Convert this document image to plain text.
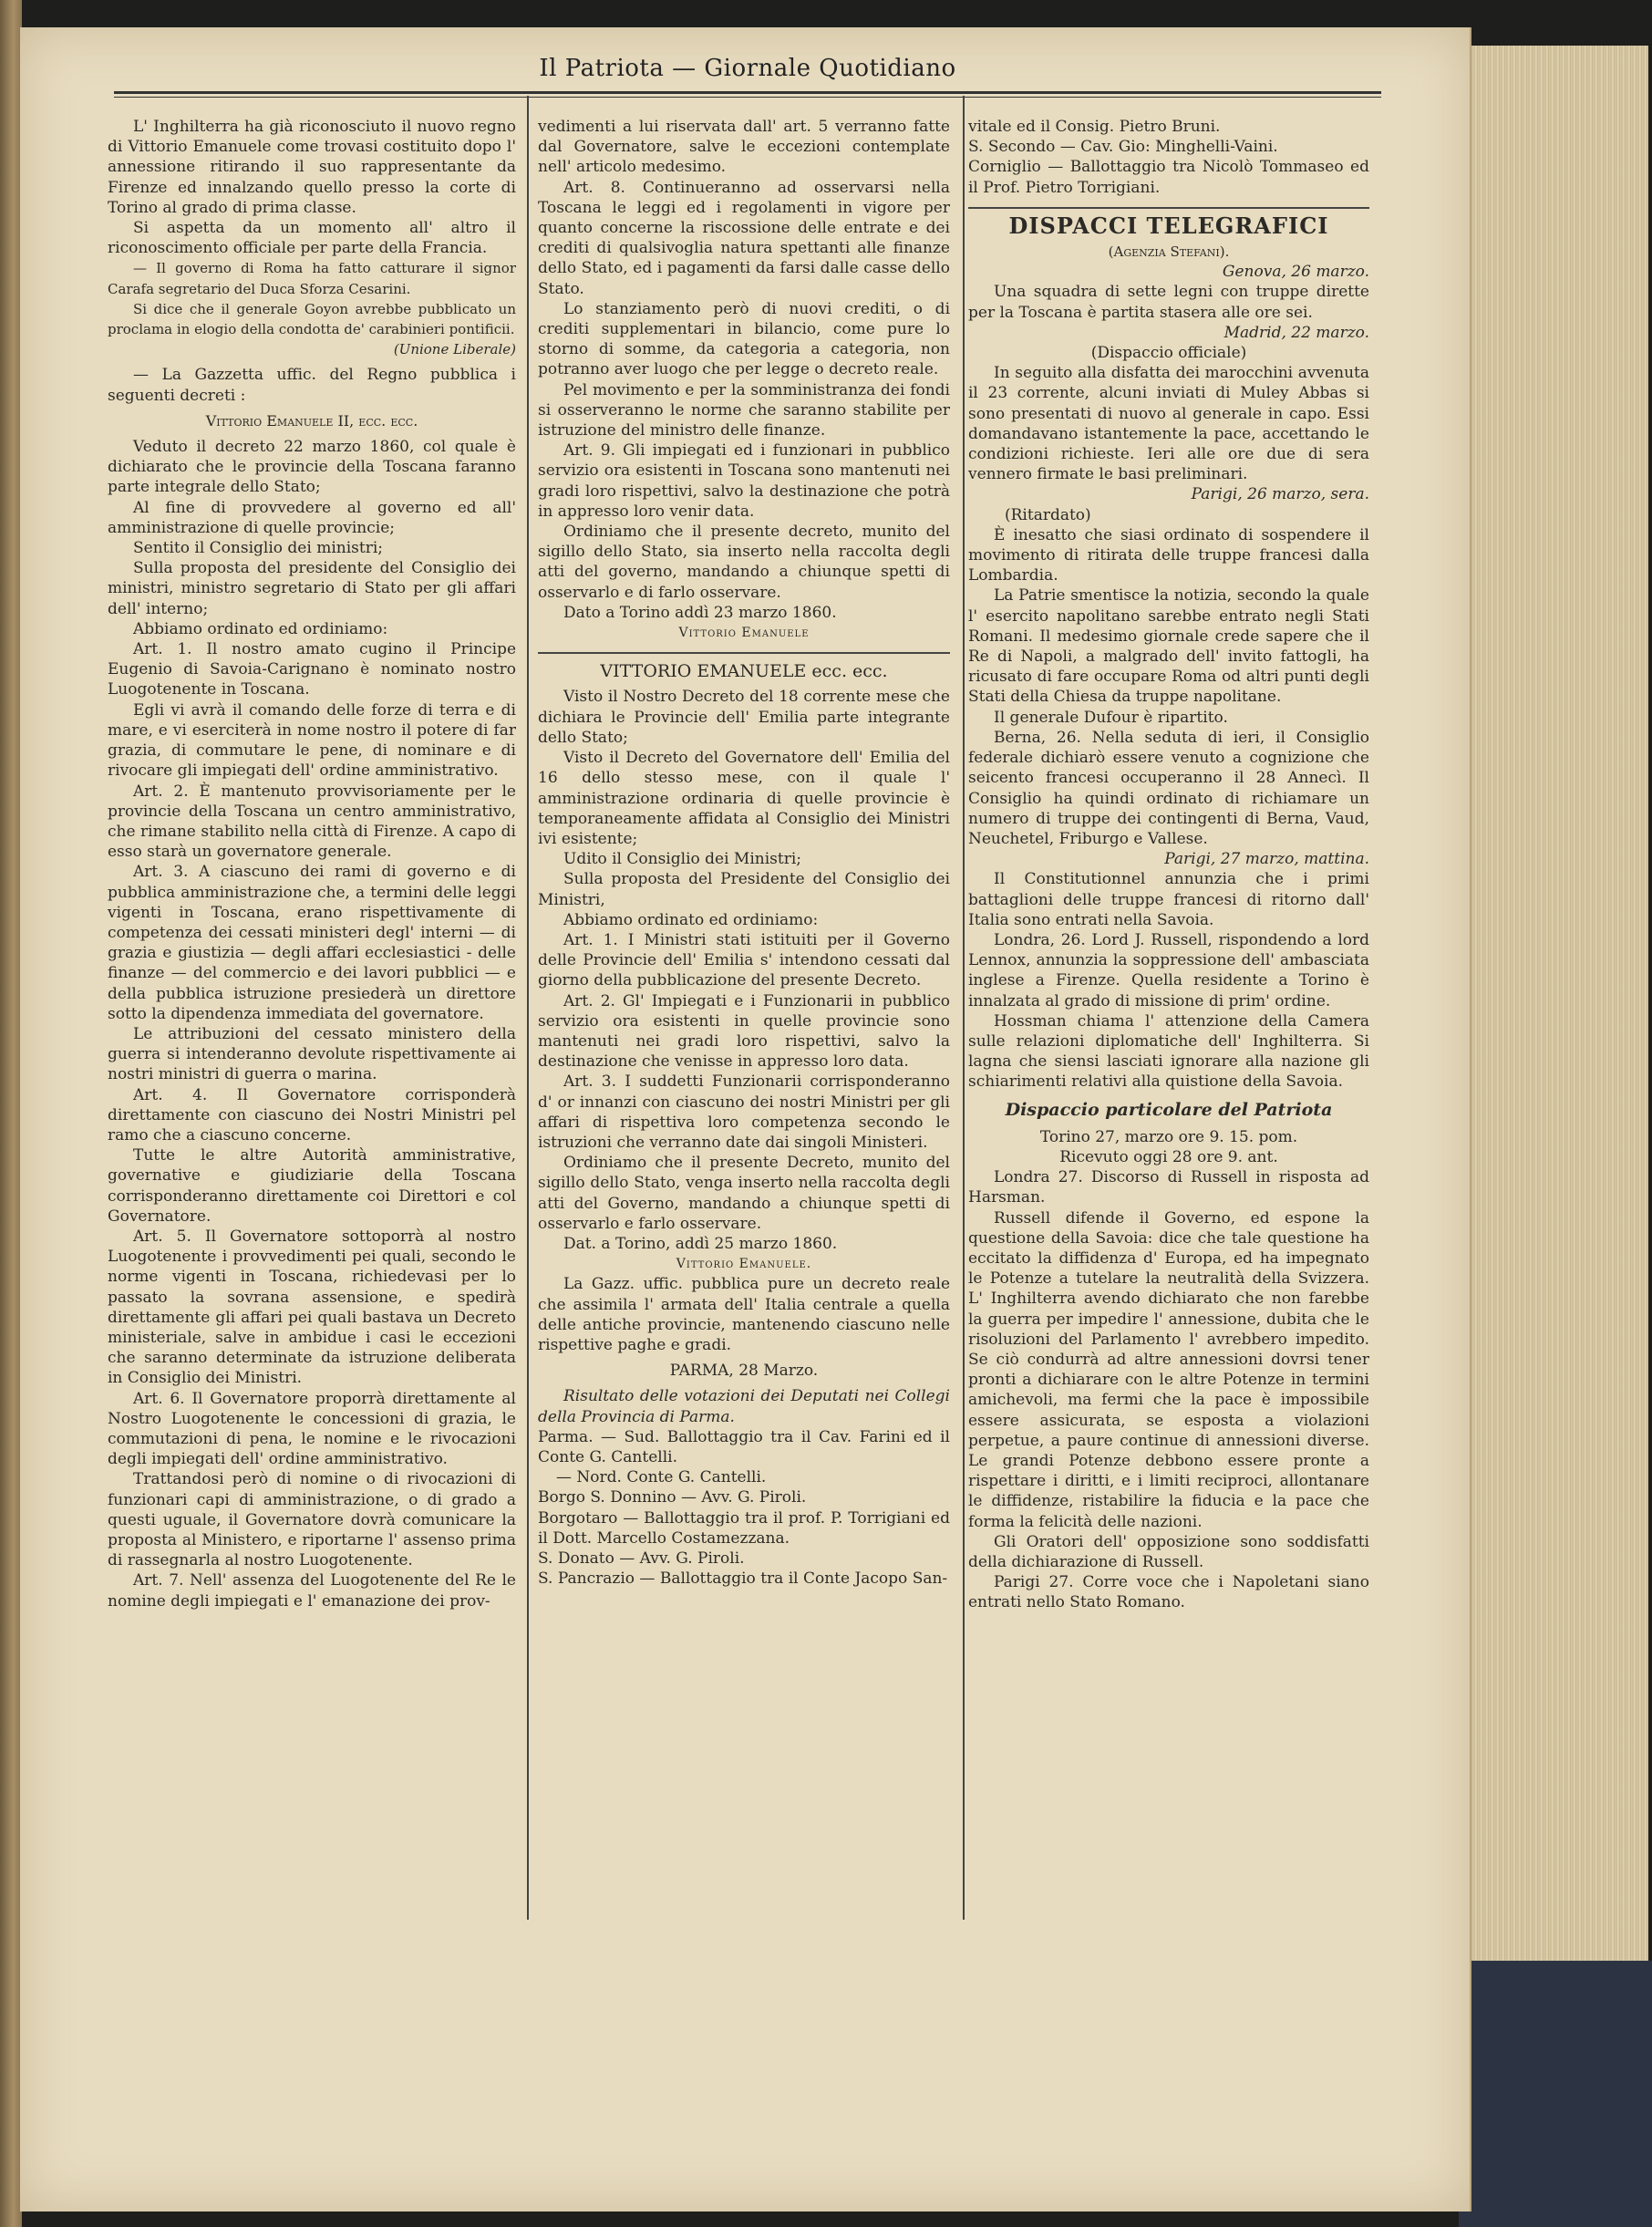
Il Patriota — Giornale Quotidiano

L' Inghilterra ha già riconosciuto il nuovo regno di Vittorio Emanuele come trovasi costituito dopo l' annessione ritirando il suo rappresentante da Firenze ed innalzando quello presso la corte di Torino al grado di prima classe.

Si aspetta da un momento all' altro il riconoscimento officiale per parte della Francia.

— Il governo di Roma ha fatto catturare il signor Carafa segretario del Duca Sforza Cesarini.

Si dice che il generale Goyon avrebbe pubblicato un proclama in elogio della condotta de' carabinieri pontificii.

(Unione Liberale)

— La Gazzetta uffic. del Regno pubblica i seguenti decreti :

Vittorio Emanuele II, ecc. ecc.

Veduto il decreto 22 marzo 1860, col quale è dichiarato che le provincie della Toscana faranno parte integrale dello Stato;

Al fine di provvedere al governo ed all' amministrazione di quelle provincie;

Sentito il Consiglio dei ministri;

Sulla proposta del presidente del Consiglio dei ministri, ministro segretario di Stato per gli affari dell' interno;

Abbiamo ordinato ed ordiniamo:

Art. 1. Il nostro amato cugino il Principe Eugenio di Savoia-Carignano è nominato nostro Luogotenente in Toscana.

Egli vi avrà il comando delle forze di terra e di mare, e vi eserciterà in nome nostro il potere di far grazia, di commutare le pene, di nominare e di rivocare gli impiegati dell' ordine amministrativo.

Art. 2. È mantenuto provvisoriamente per le provincie della Toscana un centro amministrativo, che rimane stabilito nella città di Firenze. A capo di esso starà un governatore generale.

Art. 3. A ciascuno dei rami di governo e di pubblica amministrazione che, a termini delle leggi vigenti in Toscana, erano rispettivamente di competenza dei cessati ministeri degl' interni — di grazia e giustizia — degli affari ecclesiastici - delle finanze — del commercio e dei lavori pubblici — e della pubblica istruzione presiederà un direttore sotto la dipendenza immediata del governatore.

Le attribuzioni del cessato ministero della guerra si intenderanno devolute rispettivamente ai nostri ministri di guerra o marina.

Art. 4. Il Governatore corrisponderà direttamente con ciascuno dei Nostri Ministri pel ramo che a ciascuno concerne.

Tutte le altre Autorità amministrative, governative e giudiziarie della Toscana corrisponderanno direttamente coi Direttori e col Governatore.

Art. 5. Il Governatore sottoporrà al nostro Luogotenente i provvedimenti pei quali, secondo le norme vigenti in Toscana, richiedevasi per lo passato la sovrana assensione, e spedirà direttamente gli affari pei quali bastava un Decreto ministeriale, salve in ambidue i casi le eccezioni che saranno determinate da istruzione deliberata in Consiglio dei Ministri.

Art. 6. Il Governatore proporrà direttamente al Nostro Luogotenente le concessioni di grazia, le commutazioni di pena, le nomine e le rivocazioni degli impiegati dell' ordine amministrativo.

Trattandosi però di nomine o di rivocazioni di funzionari capi di amministrazione, o di grado a questi uguale, il Governatore dovrà comunicare la proposta al Ministero, e riportarne l' assenso prima di rassegnarla al nostro Luogotenente.

Art. 7. Nell' assenza del Luogotenente del Re le nomine degli impiegati e l' emanazione dei prov-

vedimenti a lui riservata dall' art. 5 verranno fatte dal Governatore, salve le eccezioni contemplate nell' articolo medesimo.

Art. 8. Continueranno ad osservarsi nella Toscana le leggi ed i regolamenti in vigore per quanto concerne la riscossione delle entrate e dei crediti di qualsivoglia natura spettanti alle finanze dello Stato, ed i pagamenti da farsi dalle casse dello Stato.

Lo stanziamento però di nuovi crediti, o di crediti supplementari in bilancio, come pure lo storno di somme, da categoria a categoria, non potranno aver luogo che per legge o decreto reale.

Pel movimento e per la somministranza dei fondi si osserveranno le norme che saranno stabilite per istruzione del ministro delle finanze.

Art. 9. Gli impiegati ed i funzionari in pubblico servizio ora esistenti in Toscana sono mantenuti nei gradi loro rispettivi, salvo la destinazione che potrà in appresso loro venir data.

Ordiniamo che il presente decreto, munito del sigillo dello Stato, sia inserto nella raccolta degli atti del governo, mandando a chiunque spetti di osservarlo e di farlo osservare.

Dato a Torino addì 23 marzo 1860.

Vittorio Emanuele

VITTORIO EMANUELE ecc. ecc.

Visto il Nostro Decreto del 18 corrente mese che dichiara le Provincie dell' Emilia parte integrante dello Stato;

Visto il Decreto del Governatore dell' Emilia del 16 dello stesso mese, con il quale l' amministrazione ordinaria di quelle provincie è temporaneamente affidata al Consiglio dei Ministri ivi esistente;

Udito il Consiglio dei Ministri;

Sulla proposta del Presidente del Consiglio dei Ministri,

Abbiamo ordinato ed ordiniamo:

Art. 1. I Ministri stati istituiti per il Governo delle Provincie dell' Emilia s' intendono cessati dal giorno della pubblicazione del presente Decreto.

Art. 2. Gl' Impiegati e i Funzionarii in pubblico servizio ora esistenti in quelle provincie sono mantenuti nei gradi loro rispettivi, salvo la destinazione che venisse in appresso loro data.

Art. 3. I suddetti Funzionarii corrisponderanno d' or innanzi con ciascuno dei nostri Ministri per gli affari di rispettiva loro competenza secondo le istruzioni che verranno date dai singoli Ministeri.

Ordiniamo che il presente Decreto, munito del sigillo dello Stato, venga inserto nella raccolta degli atti del Governo, mandando a chiunque spetti di osservarlo e farlo osservare.

Dat. a Torino, addì 25 marzo 1860.

Vittorio Emanuele.

La Gazz. uffic. pubblica pure un decreto reale che assimila l' armata dell' Italia centrale a quella delle antiche provincie, mantenendo ciascuno nelle rispettive paghe e gradi.

PARMA, 28 Marzo.

Risultato delle votazioni dei Deputati nei Collegi della Provincia di Parma.

Parma. — Sud. Ballottaggio tra il Cav. Farini ed il Conte G. Cantelli.

— Nord. Conte G. Cantelli.

Borgo S. Donnino — Avv. G. Piroli.

Borgotaro — Ballottaggio tra il prof. P. Torrigiani ed il Dott. Marcello Costamezzana.

S. Donato — Avv. G. Piroli.

S. Pancrazio — Ballottaggio tra il Conte Jacopo San-

vitale ed il Consig. Pietro Bruni.

S. Secondo — Cav. Gio: Minghelli-Vaini.

Corniglio — Ballottaggio tra Nicolò Tommaseo ed il Prof. Pietro Torrigiani.

DISPACCI TELEGRAFICI

(Agenzia Stefani).

Genova, 26 marzo.

Una squadra di sette legni con truppe dirette per la Toscana è partita stasera alle ore sei.

Madrid, 22 marzo.

(Dispaccio officiale)

In seguito alla disfatta dei marocchini avvenuta il 23 corrente, alcuni inviati di Muley Abbas si sono presentati di nuovo al generale in capo. Essi domandavano istantemente la pace, accettando le condizioni richieste. Ieri alle ore due di sera vennero firmate le basi preliminari.

Parigi, 26 marzo, sera.

(Ritardato)

È inesatto che siasi ordinato di sospendere il movimento di ritirata delle truppe francesi dalla Lombardia.

La Patrie smentisce la notizia, secondo la quale l' esercito napolitano sarebbe entrato negli Stati Romani. Il medesimo giornale crede sapere che il Re di Napoli, a malgrado dell' invito fattogli, ha ricusato di fare occupare Roma od altri punti degli Stati della Chiesa da truppe napolitane.

Il generale Dufour è ripartito.

Berna, 26. Nella seduta di ieri, il Consiglio federale dichiarò essere venuto a cognizione che seicento francesi occuperanno il 28 Annecì. Il Consiglio ha quindi ordinato di richiamare un numero di truppe dei contingenti di Berna, Vaud, Neuchetel, Friburgo e Vallese.

Parigi, 27 marzo, mattina.

Il Constitutionnel annunzia che i primi battaglioni delle truppe francesi di ritorno dall' Italia sono entrati nella Savoia.

Londra, 26. Lord J. Russell, rispondendo a lord Lennox, annunzia la soppressione dell' ambasciata inglese a Firenze. Quella residente a Torino è innalzata al grado di missione di prim' ordine.

Hossman chiama l' attenzione della Camera sulle relazioni diplomatiche dell' Inghilterra. Si lagna che siensi lasciati ignorare alla nazione gli schiarimenti relativi alla quistione della Savoia.

Dispaccio particolare del Patriota

Torino 27, marzo ore 9. 15. pom.

Ricevuto oggi 28 ore 9. ant.

Londra 27. Discorso di Russell in risposta ad Harsman.

Russell difende il Governo, ed espone la questione della Savoia: dice che tale questione ha eccitato la diffidenza d' Europa, ed ha impegnato le Potenze a tutelare la neutralità della Svizzera. L' Inghilterra avendo dichiarato che non farebbe la guerra per impedire l' annessione, dubita che le risoluzioni del Parlamento l' avrebbero impedito. Se ciò condurrà ad altre annessioni dovrsi tener pronti a dichiarare con le altre Potenze in termini amichevoli, ma fermi che la pace è impossibile essere assicurata, se esposta a violazioni perpetue, a paure continue di annessioni diverse. Le grandi Potenze debbono essere pronte a rispettare i diritti, e i limiti reciproci, allontanare le diffidenze, ristabilire la fiducia e la pace che forma la felicità delle nazioni.

Gli Oratori dell' opposizione sono soddisfatti della dichiarazione di Russell.

Parigi 27. Corre voce che i Napoletani siano entrati nello Stato Romano.
